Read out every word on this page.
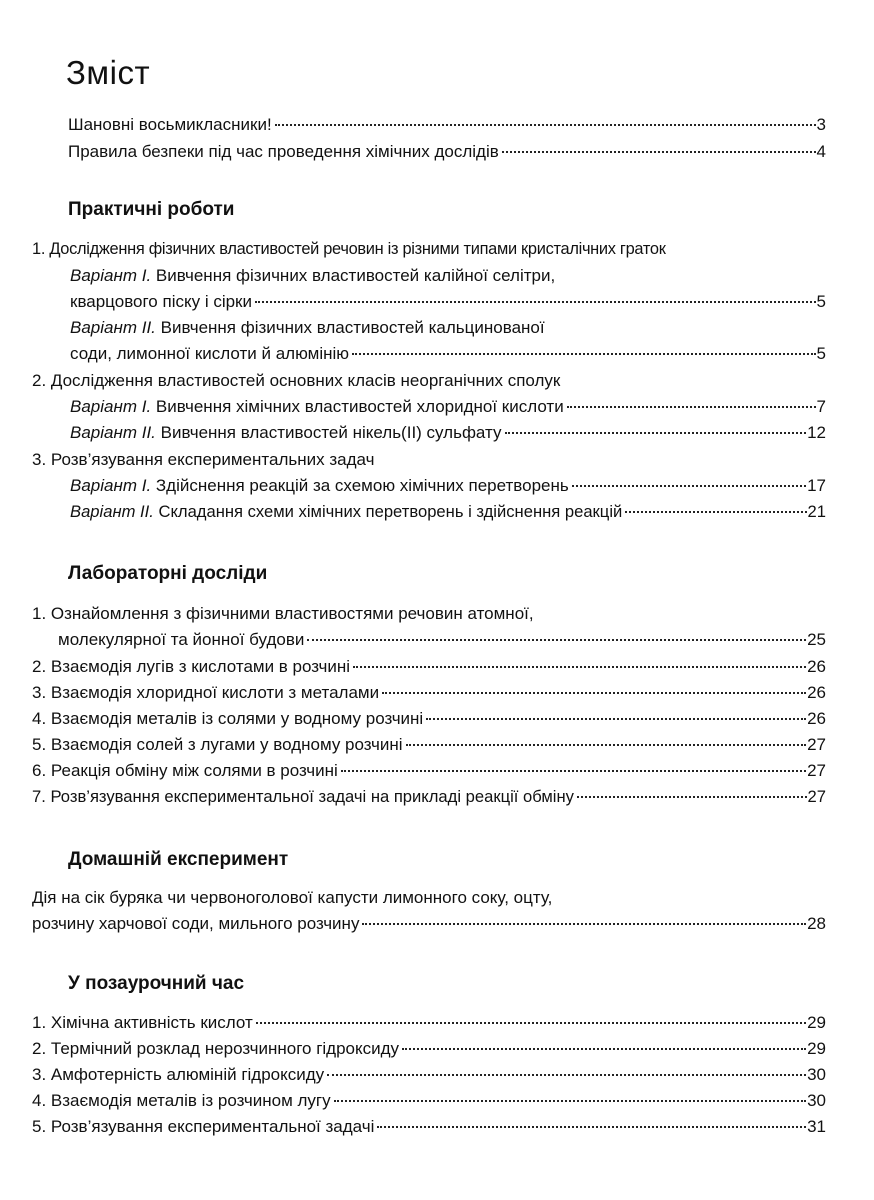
Зміст
Шановні восьмикласники!	3
Правила безпеки під час проведення хімічних дослідів	4
Практичні роботи
1. Дослідження фізичних властивостей речовин із різними типами кристалічних граток
Варіант І. Вивчення фізичних властивостей калійної селітри,
кварцового піску і сірки	5
Варіант ІІ. Вивчення фізичних властивостей кальцинованої
соди, лимонної кислоти й алюмінію	5
2. Дослідження властивостей основних класів неорганічних сполук
Варіант І. Вивчення хімічних властивостей хлоридної кислоти	7
Варіант ІІ. Вивчення властивостей нікель(ІІ) сульфату	12
3. Розв’язування експериментальних задач
Варіант І. Здійснення реакцій за схемою хімічних перетворень	17
Варіант ІІ. Складання схеми хімічних перетворень і здійснення реакцій	21
Лабораторні досліди
1. Ознайомлення з фізичними властивостями речовин атомної,
молекулярної та йонної будови	25
2. Взаємодія лугів з кислотами в розчині	26
3. Взаємодія хлоридної кислоти з металами	26
4. Взаємодія металів із солями у водному розчині	26
5. Взаємодія солей з лугами у водному розчині	27
6. Реакція обміну між солями в розчині	27
7. Розв’язування експериментальної задачі на прикладі реакції обміну	27
Домашній експеримент
Дія на сік буряка чи червоноголової капусти лимонного соку, оцту,
розчину харчової соди, мильного розчину	28
У позаурочний час
1. Хімічна активність кислот	29
2. Термічний розклад нерозчинного гідроксиду	29
3. Амфотерність алюміній гідроксиду	30
4. Взаємодія металів із розчином лугу	30
5. Розв’язування експериментальної задачі	31
